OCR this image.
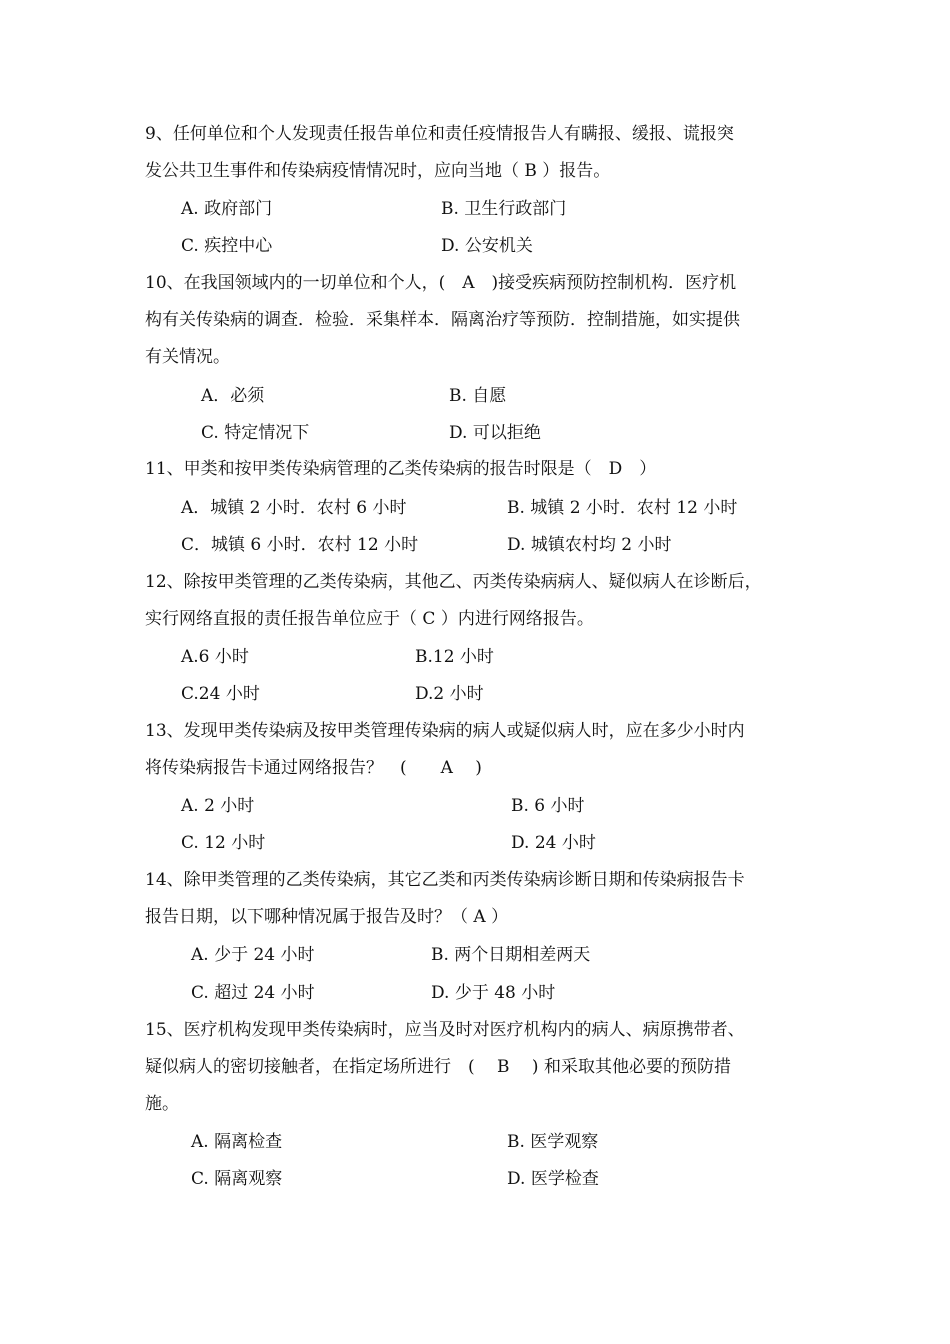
9、任何单位和个人发现责任报告单位和责任疫情报告人有瞒报、缓报、谎报突

发公共卫生事件和传染病疫情情况时，应向当地（ B ）报告。

A. 政府部门	B. 卫生行政部门
C. 疾控中心	D. 公安机关

10、在我国领域内的一切单位和个人，(　A　)接受疾病预防控制机构．医疗机

构有关传染病的调查．检验．采集样本．隔离治疗等预防．控制措施，如实提供

有关情况。

A．必须	B. 自愿
C. 特定情况下	D. 可以拒绝

11、甲类和按甲类传染病管理的乙类传染病的报告时限是（　D　）

A．城镇 2 小时．农村 6 小时	B. 城镇 2 小时．农村 12 小时
C．城镇 6 小时．农村 12 小时	D. 城镇农村均 2 小时

12、除按甲类管理的乙类传染病，其他乙、丙类传染病病人、疑似病人在诊断后，

实行网络直报的责任报告单位应于（ C ）内进行网络报告。

A.6 小时	B.12 小时
C.24 小时	D.2 小时

13、发现甲类传染病及按甲类管理传染病的病人或疑似病人时，应在多少小时内

将传染病报告卡通过网络报告？　(　　A　 )

A. 2 小时	B. 6 小时
C. 12 小时	D. 24 小时

14、除甲类管理的乙类传染病，其它乙类和丙类传染病诊断日期和传染病报告卡

报告日期，以下哪种情况属于报告及时？（ A ）

A. 少于 24 小时	B. 两个日期相差两天
C. 超过 24 小时	D. 少于 48 小时

15、医疗机构发现甲类传染病时，应当及时对医疗机构内的病人、病原携带者、

疑似病人的密切接触者，在指定场所进行　(　 B　 ) 和采取其他必要的预防措

施。

A. 隔离检查	B. 医学观察
C. 隔离观察	D. 医学检查
